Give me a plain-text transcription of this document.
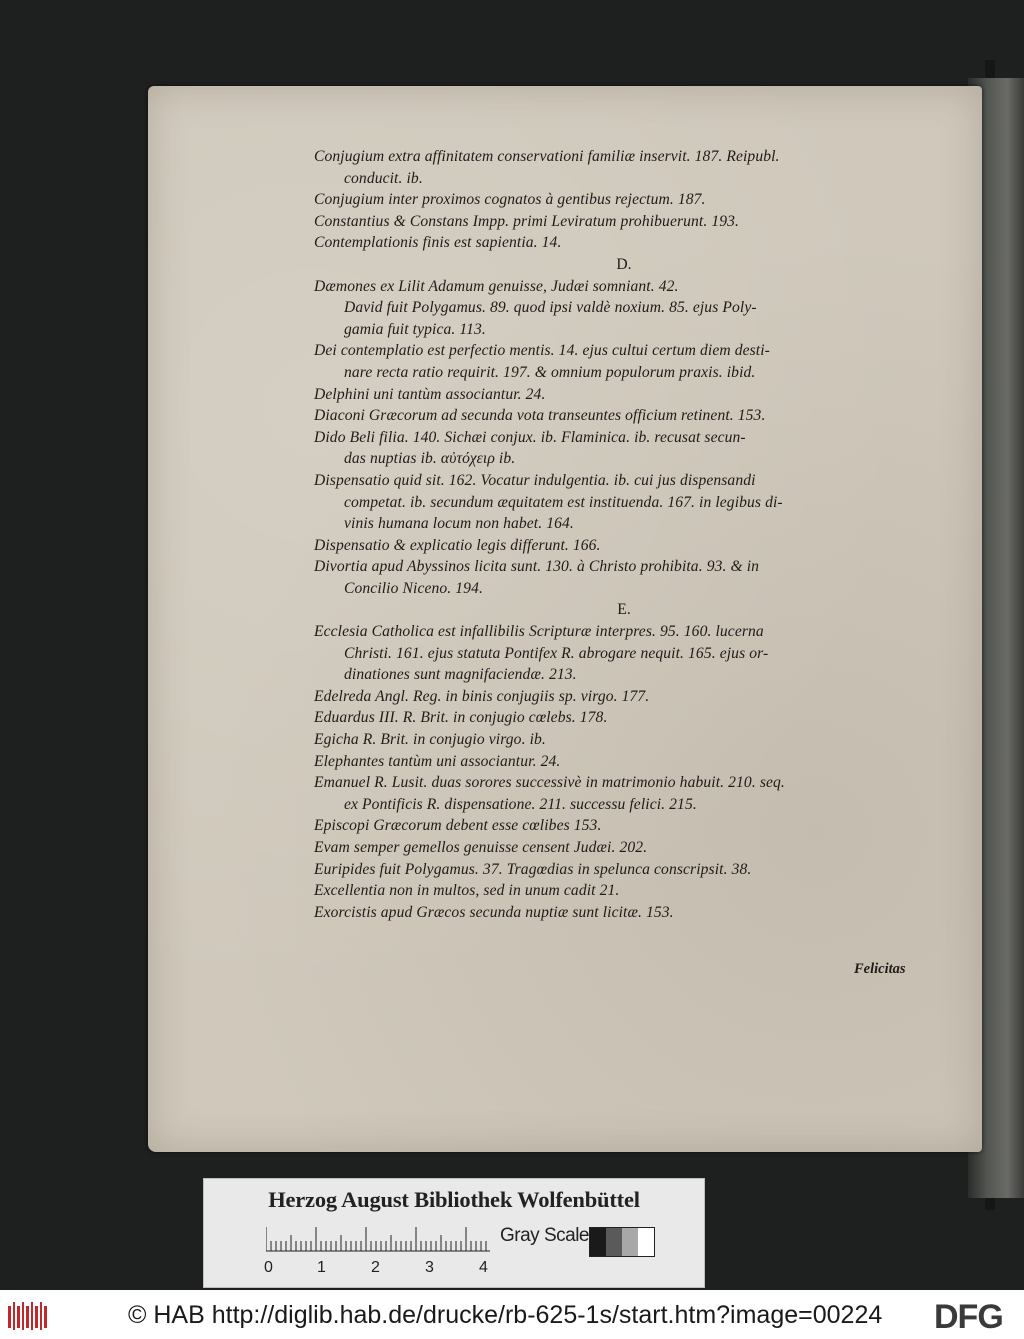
Conjugium extra affinitatem conservationi familiæ inservit. 187. Reipubl.
conducit. ib.
Conjugium inter proximos cognatos à gentibus rejectum. 187.
Constantius & Constans Impp. primi Leviratum prohibuerunt. 193.
Contemplationis finis est sapientia. 14.
D.
Dæmones ex Lilit Adamum genuisse, Judæi somniant. 42.
David fuit Polygamus. 89. quod ipsi valdè noxium. 85. ejus Poly-
gamia fuit typica. 113.
Dei contemplatio est perfectio mentis. 14. ejus cultui certum diem desti-
nare recta ratio requirit. 197. & omnium populorum praxis. ibid.
Delphini uni tantùm associantur. 24.
Diaconi Græcorum ad secunda vota transeuntes officium retinent. 153.
Dido Beli filia. 140. Sichæi conjux. ib. Flaminica. ib. recusat secun-
das nuptias ib. αὐτόχειρ ib.
Dispensatio quid sit. 162. Vocatur indulgentia. ib. cui jus dispensandi
competat. ib. secundum æquitatem est instituenda. 167. in legibus di-
vinis humana locum non habet. 164.
Dispensatio & explicatio legis differunt. 166.
Divortia apud Abyssinos licita sunt. 130. à Christo prohibita. 93. & in
Concilio Niceno. 194.
E.
Ecclesia Catholica est infallibilis Scripturæ interpres. 95. 160. lucerna
Christi. 161. ejus statuta Pontifex R. abrogare nequit. 165. ejus or-
dinationes sunt magnifaciendæ. 213.
Edelreda Angl. Reg. in binis conjugiis sp. virgo. 177.
Eduardus III. R. Brit. in conjugio cœlebs. 178.
Egicha R. Brit. in conjugio virgo. ib.
Elephantes tantùm uni associantur. 24.
Emanuel R. Lusit. duas sorores successivè in matrimonio habuit. 210. seq.
ex Pontificis R. dispensatione. 211. successu felici. 215.
Episcopi Græcorum debent esse cœlibes 153.
Evam semper gemellos genuisse censent Judæi. 202.
Euripides fuit Polygamus. 37. Tragœdias in spelunca conscripsit. 38.
Excellentia non in multos, sed in unum cadit 21.
Exorcistis apud Græcos secunda nuptiæ sunt licitæ. 153.
Felicitas
Herzog August Bibliothek Wolfenbüttel
0	1	2	3	4
Gray Scale
© HAB http://diglib.hab.de/drucke/rb-625-1s/start.htm?image=00224 DFG
